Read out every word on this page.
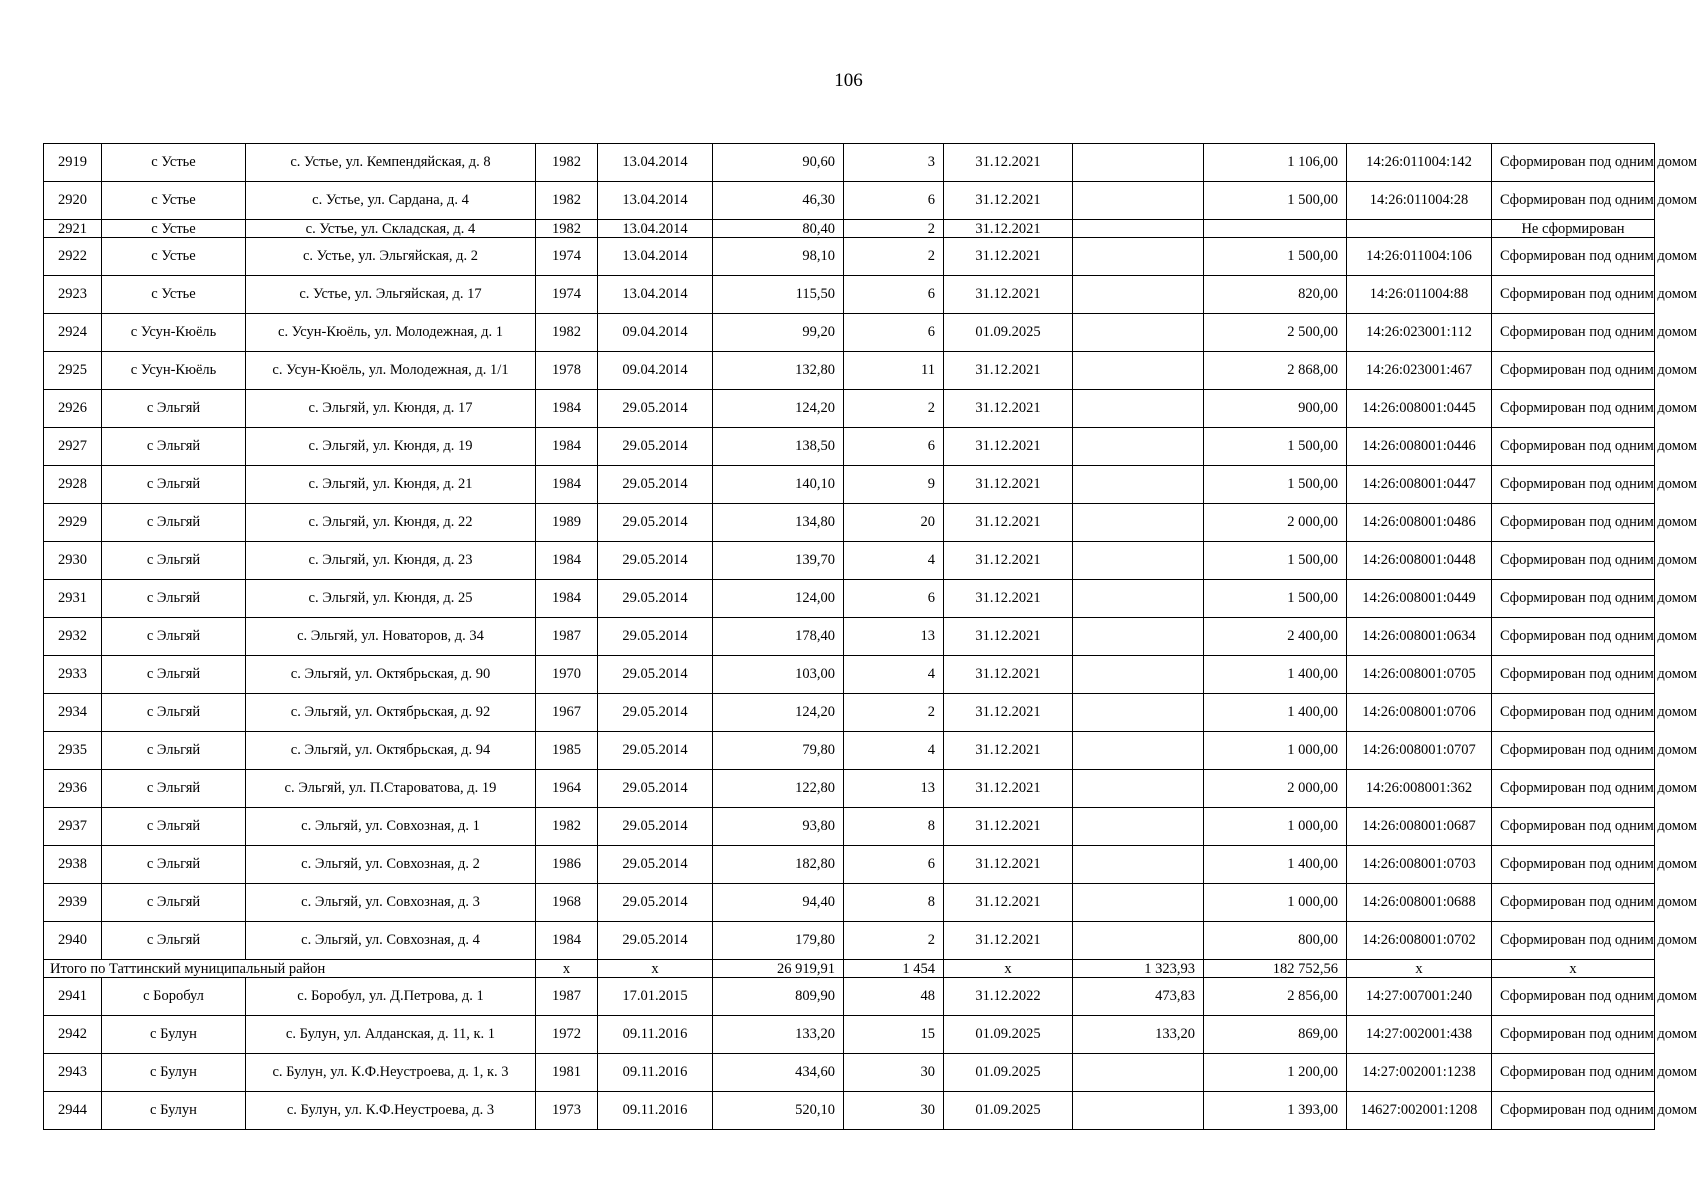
106
2919	с Устье	с. Устье, ул. Кемпендяйская, д. 8	1982	13.04.2014	90,60	3	31.12.2021		1 106,00	14:26:011004:142	Сформирован под одним домом
2920	с Устье	с. Устье, ул. Сардана, д. 4	1982	13.04.2014	46,30	6	31.12.2021		1 500,00	14:26:011004:28	Сформирован под одним домом
2921	с Устье	с. Устье, ул. Складская, д. 4	1982	13.04.2014	80,40	2	31.12.2021				Не сформирован
2922	с Устье	с. Устье, ул. Эльгяйская, д. 2	1974	13.04.2014	98,10	2	31.12.2021		1 500,00	14:26:011004:106	Сформирован под одним домом
2923	с Устье	с. Устье, ул. Эльгяйская, д. 17	1974	13.04.2014	115,50	6	31.12.2021		820,00	14:26:011004:88	Сформирован под одним домом
2924	с Усун-Кюёль	с. Усун-Кюёль, ул. Молодежная, д. 1	1982	09.04.2014	99,20	6	01.09.2025		2 500,00	14:26:023001:112	Сформирован под одним домом
2925	с Усун-Кюёль	с. Усун-Кюёль, ул. Молодежная, д. 1/1	1978	09.04.2014	132,80	11	31.12.2021		2 868,00	14:26:023001:467	Сформирован под одним домом
2926	с Эльгяй	с. Эльгяй, ул. Кюндя, д. 17	1984	29.05.2014	124,20	2	31.12.2021		900,00	14:26:008001:0445	Сформирован под одним домом
2927	с Эльгяй	с. Эльгяй, ул. Кюндя, д. 19	1984	29.05.2014	138,50	6	31.12.2021		1 500,00	14:26:008001:0446	Сформирован под одним домом
2928	с Эльгяй	с. Эльгяй, ул. Кюндя, д. 21	1984	29.05.2014	140,10	9	31.12.2021		1 500,00	14:26:008001:0447	Сформирован под одним домом
2929	с Эльгяй	с. Эльгяй, ул. Кюндя, д. 22	1989	29.05.2014	134,80	20	31.12.2021		2 000,00	14:26:008001:0486	Сформирован под одним домом
2930	с Эльгяй	с. Эльгяй, ул. Кюндя, д. 23	1984	29.05.2014	139,70	4	31.12.2021		1 500,00	14:26:008001:0448	Сформирован под одним домом
2931	с Эльгяй	с. Эльгяй, ул. Кюндя, д. 25	1984	29.05.2014	124,00	6	31.12.2021		1 500,00	14:26:008001:0449	Сформирован под одним домом
2932	с Эльгяй	с. Эльгяй, ул. Новаторов, д. 34	1987	29.05.2014	178,40	13	31.12.2021		2 400,00	14:26:008001:0634	Сформирован под одним домом
2933	с Эльгяй	с. Эльгяй, ул. Октябрьская, д. 90	1970	29.05.2014	103,00	4	31.12.2021		1 400,00	14:26:008001:0705	Сформирован под одним домом
2934	с Эльгяй	с. Эльгяй, ул. Октябрьская, д. 92	1967	29.05.2014	124,20	2	31.12.2021		1 400,00	14:26:008001:0706	Сформирован под одним домом
2935	с Эльгяй	с. Эльгяй, ул. Октябрьская, д. 94	1985	29.05.2014	79,80	4	31.12.2021		1 000,00	14:26:008001:0707	Сформирован под одним домом
2936	с Эльгяй	с. Эльгяй, ул. П.Староватова, д. 19	1964	29.05.2014	122,80	13	31.12.2021		2 000,00	14:26:008001:362	Сформирован под одним домом
2937	с Эльгяй	с. Эльгяй, ул. Совхозная, д. 1	1982	29.05.2014	93,80	8	31.12.2021		1 000,00	14:26:008001:0687	Сформирован под одним домом
2938	с Эльгяй	с. Эльгяй, ул. Совхозная, д. 2	1986	29.05.2014	182,80	6	31.12.2021		1 400,00	14:26:008001:0703	Сформирован под одним домом
2939	с Эльгяй	с. Эльгяй, ул. Совхозная, д. 3	1968	29.05.2014	94,40	8	31.12.2021		1 000,00	14:26:008001:0688	Сформирован под одним домом
2940	с Эльгяй	с. Эльгяй, ул. Совхозная, д. 4	1984	29.05.2014	179,80	2	31.12.2021		800,00	14:26:008001:0702	Сформирован под одним домом
Итого по Таттинский муниципальный район			x	x	26 919,91	1 454	x	1 323,93	182 752,56	x	x
2941	с Боробул	с. Боробул, ул. Д.Петрова, д. 1	1987	17.01.2015	809,90	48	31.12.2022	473,83	2 856,00	14:27:007001:240	Сформирован под одним домом
2942	с Булун	с. Булун, ул. Алданская, д. 11, к. 1	1972	09.11.2016	133,20	15	01.09.2025	133,20	869,00	14:27:002001:438	Сформирован под одним домом
2943	с Булун	с. Булун, ул. К.Ф.Неустроева, д. 1, к. 3	1981	09.11.2016	434,60	30	01.09.2025		1 200,00	14:27:002001:1238	Сформирован под одним домом
2944	с Булун	с. Булун, ул. К.Ф.Неустроева, д. 3	1973	09.11.2016	520,10	30	01.09.2025		1 393,00	14627:002001:1208	Сформирован под одним домом
